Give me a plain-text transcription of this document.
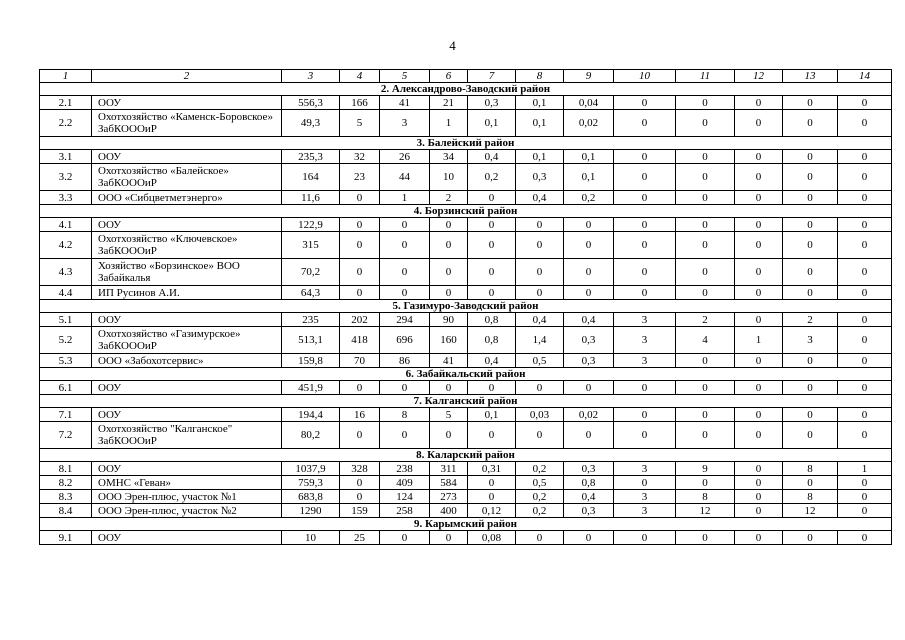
4
1	2	3	4	5	6	7	8	9	10	11	12	13	14
2. Александрово-Заводский район													
2.1	ООУ	556,3	166	41	21	0,3	0,1	0,04	0	0	0	0	0
2.2	Охотхозяйство «Каменск-Боровское» ЗабКОООиР	49,3	5	3	1	0,1	0,1	0,02	0	0	0	0	0
3. Балейский район													
3.1	ООУ	235,3	32	26	34	0,4	0,1	0,1	0	0	0	0	0
3.2	Охотхозяйство «Балейское» ЗабКОООиР	164	23	44	10	0,2	0,3	0,1	0	0	0	0	0
3.3	ООО «Сибцветметэнерго»	11,6	0	1	2	0	0,4	0,2	0	0	0	0	0
4. Борзинский район													
4.1	ООУ	122,9	0	0	0	0	0	0	0	0	0	0	0
4.2	Охотхозяйство «Ключевское» ЗабКОООиР	315	0	0	0	0	0	0	0	0	0	0	0
4.3	Хозяйство «Борзинское» ВОО Забайкалья	70,2	0	0	0	0	0	0	0	0	0	0	0
4.4	ИП Русинов А.И.	64,3	0	0	0	0	0	0	0	0	0	0	0
5. Газимуро-Заводский район													
5.1	ООУ	235	202	294	90	0,8	0,4	0,4	3	2	0	2	0
5.2	Охотхозяйство «Газимурское» ЗабКОООиР	513,1	418	696	160	0,8	1,4	0,3	3	4	1	3	0
5.3	ООО «Забохотсервис»	159,8	70	86	41	0,4	0,5	0,3	3	0	0	0	0
6. Забайкальский район													
6.1	ООУ	451,9	0	0	0	0	0	0	0	0	0	0	0
7. Калганский район													
7.1	ООУ	194,4	16	8	5	0,1	0,03	0,02	0	0	0	0	0
7.2	Охотхозяйство "Калганское" ЗабКОООиР	80,2	0	0	0	0	0	0	0	0	0	0	0
8. Каларский район													
8.1	ООУ	1037,9	328	238	311	0,31	0,2	0,3	3	9	0	8	1
8.2	ОМНС «Геван»	759,3	0	409	584	0	0,5	0,8	0	0	0	0	0
8.3	ООО Эрен-плюс, участок №1	683,8	0	124	273	0	0,2	0,4	3	8	0	8	0
8.4	ООО Эрен-плюс, участок №2	1290	159	258	400	0,12	0,2	0,3	3	12	0	12	0
9. Карымский район													
9.1	ООУ	10	25	0	0	0,08	0	0	0	0	0	0	0
